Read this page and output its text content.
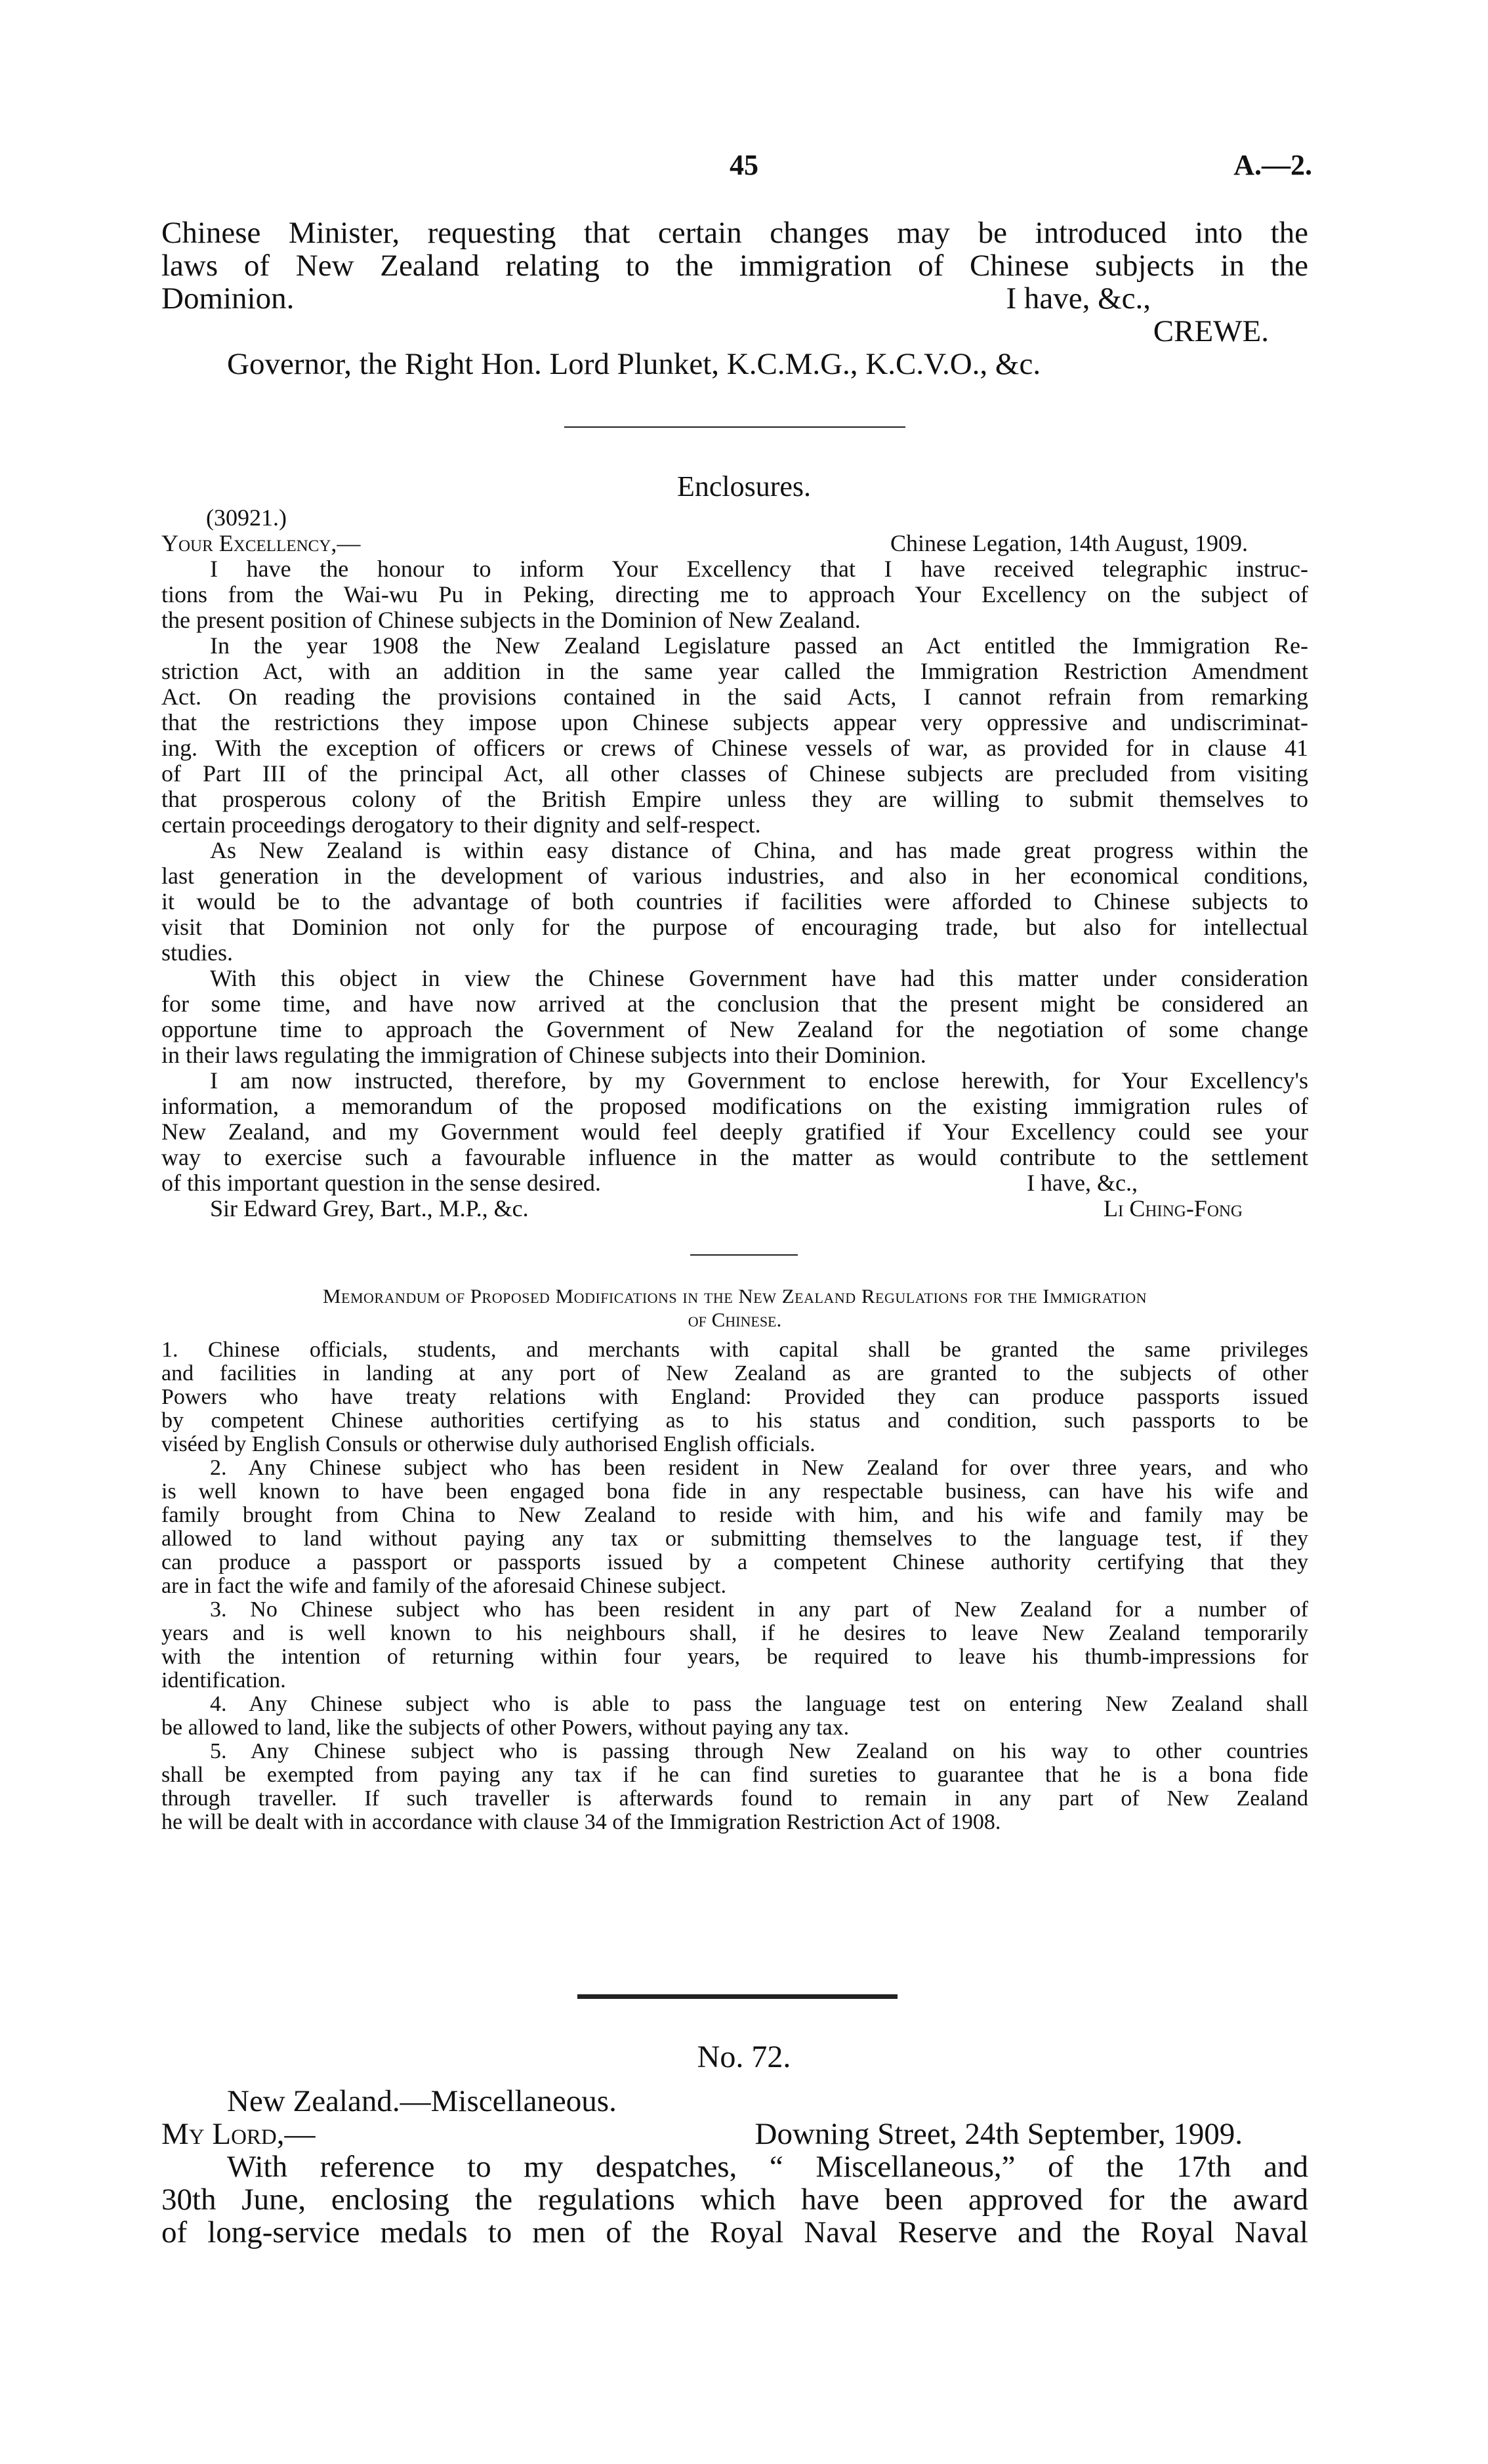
45	A.—2.
Chinese Minister, requesting that certain changes may be introduced into the
laws of New Zealand relating to the immigration of Chinese subjects in the
Dominion.	I have, &c.,
CREWE.
Governor, the Right Hon. Lord Plunket, K.C.M.G., K.C.V.O., &c.
Enclosures.
(30921.)
Your Excellency,—	Chinese Legation, 14th August, 1909.
I have the honour to inform Your Excellency that I have received telegraphic instruc-
tions from the Wai-wu Pu in Peking, directing me to approach Your Excellency on the subject of
the present position of Chinese subjects in the Dominion of New Zealand.
In the year 1908 the New Zealand Legislature passed an Act entitled the Immigration Re-
striction Act, with an addition in the same year called the Immigration Restriction Amendment
Act. On reading the provisions contained in the said Acts, I cannot refrain from remarking
that the restrictions they impose upon Chinese subjects appear very oppressive and undiscriminat-
ing. With the exception of officers or crews of Chinese vessels of war, as provided for in clause 41
of Part III of the principal Act, all other classes of Chinese subjects are precluded from visiting
that prosperous colony of the British Empire unless they are willing to submit themselves to
certain proceedings derogatory to their dignity and self-respect.
As New Zealand is within easy distance of China, and has made great progress within the
last generation in the development of various industries, and also in her economical conditions,
it would be to the advantage of both countries if facilities were afforded to Chinese subjects to
visit that Dominion not only for the purpose of encouraging trade, but also for intellectual
studies.
With this object in view the Chinese Government have had this matter under consideration
for some time, and have now arrived at the conclusion that the present might be considered an
opportune time to approach the Government of New Zealand for the negotiation of some change
in their laws regulating the immigration of Chinese subjects into their Dominion.
I am now instructed, therefore, by my Government to enclose herewith, for Your Excellency's
information, a memorandum of the proposed modifications on the existing immigration rules of
New Zealand, and my Government would feel deeply gratified if Your Excellency could see your
way to exercise such a favourable influence in the matter as would contribute to the settlement
of this important question in the sense desired.	I have, &c.,
Sir Edward Grey, Bart., M.P., &c.	Li Ching-Fong
Memorandum of Proposed Modifications in the New Zealand Regulations for the Immigration
of Chinese.
1. Chinese officials, students, and merchants with capital shall be granted the same privileges
and facilities in landing at any port of New Zealand as are granted to the subjects of other
Powers who have treaty relations with England: Provided they can produce passports issued
by competent Chinese authorities certifying as to his status and condition, such passports to be
viséed by English Consuls or otherwise duly authorised English officials.
2. Any Chinese subject who has been resident in New Zealand for over three years, and who
is well known to have been engaged bona fide in any respectable business, can have his wife and
family brought from China to New Zealand to reside with him, and his wife and family may be
allowed to land without paying any tax or submitting themselves to the language test, if they
can produce a passport or passports issued by a competent Chinese authority certifying that they
are in fact the wife and family of the aforesaid Chinese subject.
3. No Chinese subject who has been resident in any part of New Zealand for a number of
years and is well known to his neighbours shall, if he desires to leave New Zealand temporarily
with the intention of returning within four years, be required to leave his thumb-impressions for
identification.
4. Any Chinese subject who is able to pass the language test on entering New Zealand shall
be allowed to land, like the subjects of other Powers, without paying any tax.
5. Any Chinese subject who is passing through New Zealand on his way to other countries
shall be exempted from paying any tax if he can find sureties to guarantee that he is a bona fide
through traveller. If such traveller is afterwards found to remain in any part of New Zealand
he will be dealt with in accordance with clause 34 of the Immigration Restriction Act of 1908.
No. 72.
New Zealand.—Miscellaneous.
My Lord,—	Downing Street, 24th September, 1909.
With reference to my despatches, “ Miscellaneous,” of the 17th and
30th June, enclosing the regulations which have been approved for the award
of long-service medals to men of the Royal Naval Reserve and the Royal Naval
